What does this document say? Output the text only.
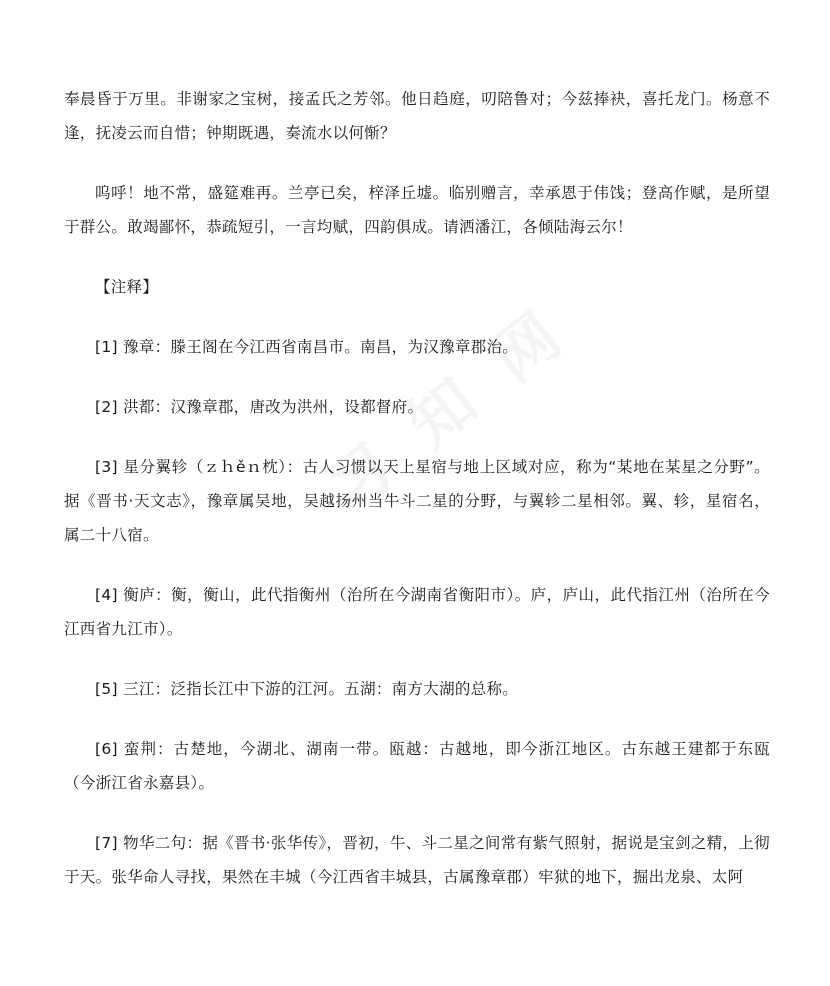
奉晨昏于万里。非谢家之宝树，接孟氏之芳邻。他日趋庭，叨陪鲁对；今兹捧袂，喜托龙门。杨意不逢，抚凌云而自惜；钟期既遇，奏流水以何惭？

呜呼！地不常，盛筵难再。兰亭已矣，梓泽丘墟。临别赠言，幸承恩于伟饯；登高作赋，是所望于群公。敢竭鄙怀，恭疏短引，一言均赋，四韵俱成。请洒潘江，各倾陆海云尔！

【注释】

[1] 豫章：滕王阁在今江西省南昌市。南昌，为汉豫章郡治。

[2] 洪都：汉豫章郡，唐改为洪州，设都督府。

[3] 星分翼轸（ｚｈěｎ枕）：古人习惯以天上星宿与地上区域对应，称为“某地在某星之分野”。据《晋书·天文志》，豫章属吴地，吴越扬州当牛斗二星的分野，与翼轸二星相邻。翼、轸，星宿名，属二十八宿。

[4] 衡庐：衡，衡山，此代指衡州（治所在今湖南省衡阳市）。庐，庐山，此代指江州（治所在今江西省九江市）。

[5] 三江：泛指长江中下游的江河。五湖：南方大湖的总称。

[6] 蛮荆：古楚地，今湖北、湖南一带。瓯越：古越地，即今浙江地区。古东越王建都于东瓯（今浙江省永嘉县）。

[7] 物华二句：据《晋书·张华传》，晋初，牛、斗二星之间常有紫气照射，据说是宝剑之精，上彻于天。张华命人寻找，果然在丰城（今江西省丰城县，古属豫章郡）牢狱的地下，掘出龙泉、太阿
